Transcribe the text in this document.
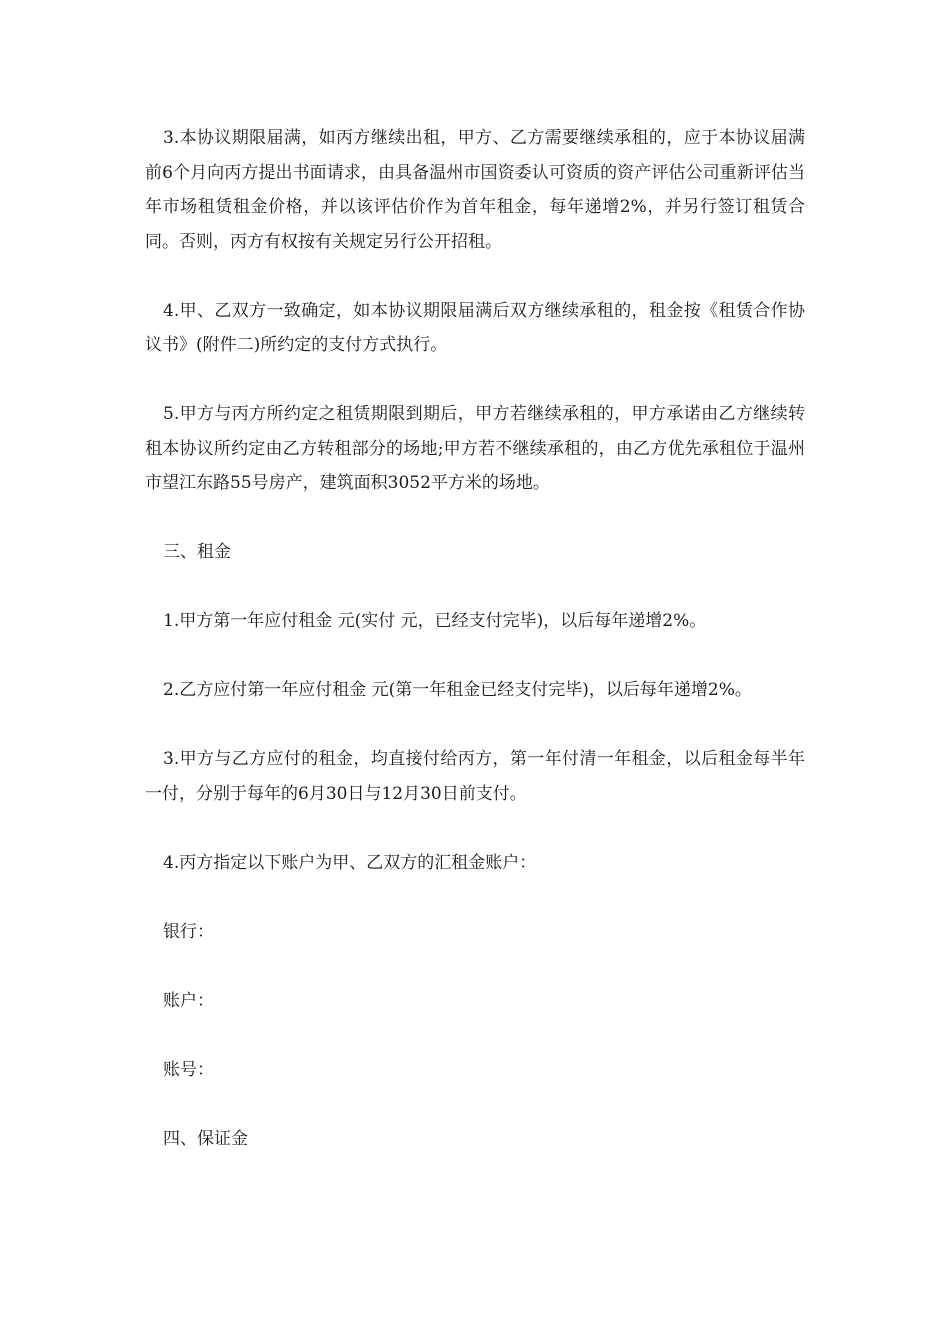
3.本协议期限届满，如丙方继续出租，甲方、乙方需要继续承租的，应于本协议届满前6个月向丙方提出书面请求，由具备温州市国资委认可资质的资产评估公司重新评估当年市场租赁租金价格，并以该评估价作为首年租金，每年递增2%，并另行签订租赁合同。否则，丙方有权按有关规定另行公开招租。

4.甲、乙双方一致确定，如本协议期限届满后双方继续承租的，租金按《租赁合作协议书》(附件二)所约定的支付方式执行。

5.甲方与丙方所约定之租赁期限到期后，甲方若继续承租的，甲方承诺由乙方继续转租本协议所约定由乙方转租部分的场地;甲方若不继续承租的，由乙方优先承租位于温州市望江东路55号房产，建筑面积3052平方米的场地。

三、租金

1.甲方第一年应付租金 元(实付 元，已经支付完毕)，以后每年递增2%。

2.乙方应付第一年应付租金 元(第一年租金已经支付完毕)，以后每年递增2%。

3.甲方与乙方应付的租金，均直接付给丙方，第一年付清一年租金，以后租金每半年一付，分别于每年的6月30日与12月30日前支付。

4.丙方指定以下账户为甲、乙双方的汇租金账户：

银行：

账户：

账号：

四、保证金
